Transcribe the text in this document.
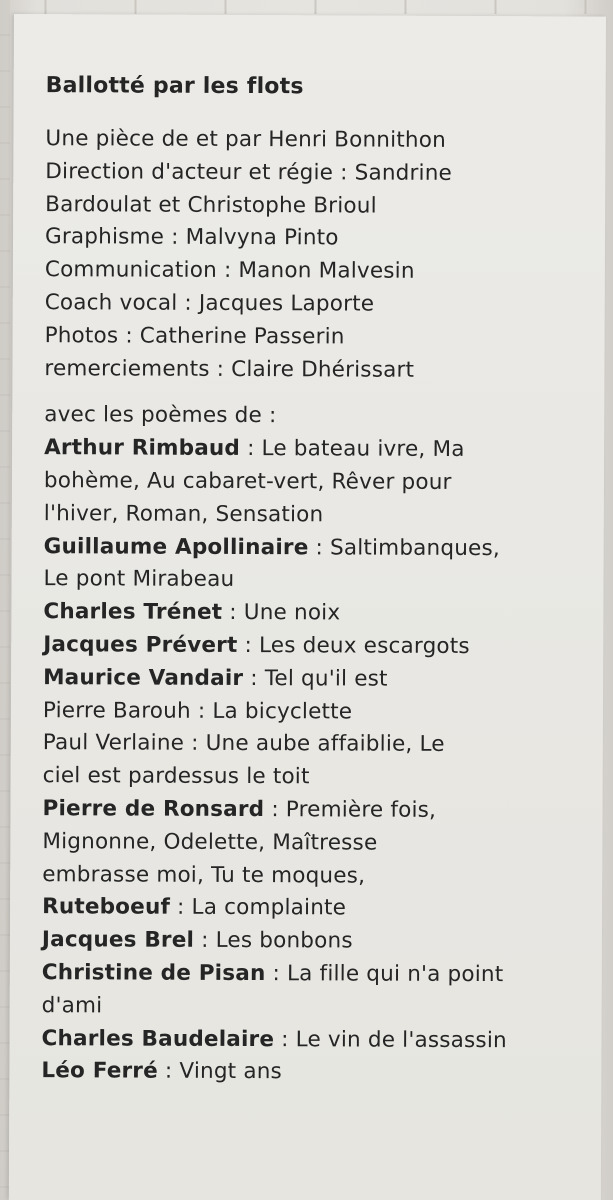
Ballotté par les flots
Une pièce de et par Henri Bonnithon
Direction d'acteur et régie : Sandrine
Bardoulat et Christophe Brioul
Graphisme : Malvyna Pinto
Communication : Manon Malvesin
Coach vocal : Jacques Laporte
Photos : Catherine Passerin
remerciements : Claire Dhérissart
avec les poèmes de :
Arthur Rimbaud : Le bateau ivre, Ma
bohème, Au cabaret-vert, Rêver pour
l'hiver, Roman, Sensation
Guillaume Apollinaire : Saltimbanques,
Le pont Mirabeau
Charles Trénet : Une noix
Jacques Prévert : Les deux escargots
Maurice Vandair : Tel qu'il est
Pierre Barouh : La bicyclette
Paul Verlaine : Une aube affaiblie, Le
ciel est pardessus le toit
Pierre de Ronsard : Première fois,
Mignonne, Odelette, Maîtresse
embrasse moi, Tu te moques,
Ruteboeuf : La complainte
Jacques Brel : Les bonbons
Christine de Pisan : La fille qui n'a point
d'ami
Charles Baudelaire : Le vin de l'assassin
Léo Ferré : Vingt ans
